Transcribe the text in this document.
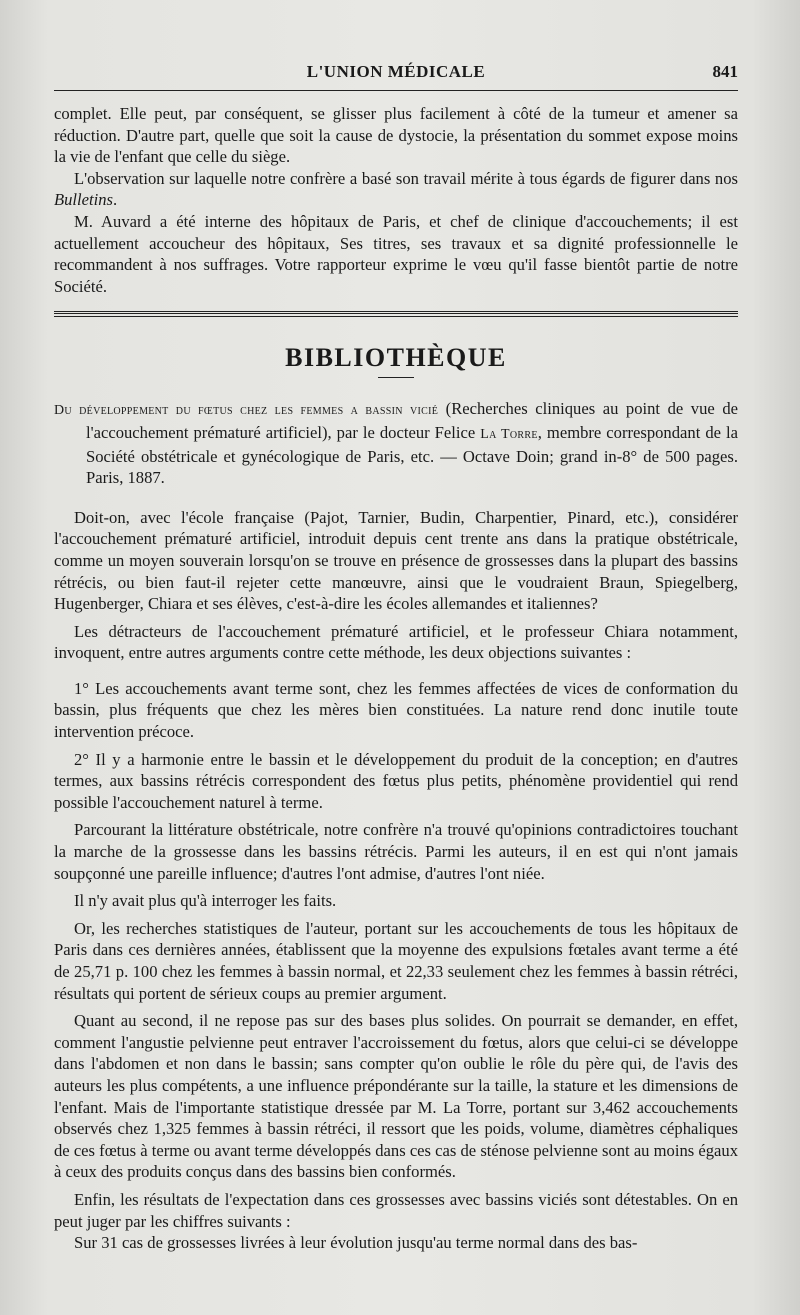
L'UNION MÉDICALE	841

complet. Elle peut, par conséquent, se glisser plus facilement à côté de la tumeur et amener sa réduction. D'autre part, quelle que soit la cause de dystocie, la présentation du sommet expose moins la vie de l'enfant que celle du siège.

L'observation sur laquelle notre confrère a basé son travail mérite à tous égards de figurer dans nos Bulletins.

M. Auvard a été interne des hôpitaux de Paris, et chef de clinique d'accouchements; il est actuellement accoucheur des hôpitaux, Ses titres, ses travaux et sa dignité professionnelle le recommandent à nos suffrages. Votre rapporteur exprime le vœu qu'il fasse bientôt partie de notre Société.

BIBLIOTHÈQUE
Du développement du fœtus chez les femmes a bassin vicié (Recherches cliniques au point de vue de l'accouchement prématuré artificiel), par le docteur Felice La Torre, membre correspondant de la Société obstétricale et gynécologique de Paris, etc. — Octave Doin; grand in-8° de 500 pages. Paris, 1887.

Doit-on, avec l'école française (Pajot, Tarnier, Budin, Charpentier, Pinard, etc.), considérer l'accouchement prématuré artificiel, introduit depuis cent trente ans dans la pratique obstétricale, comme un moyen souverain lorsqu'on se trouve en présence de grossesses dans la plupart des bassins rétrécis, ou bien faut-il rejeter cette manœuvre, ainsi que le voudraient Braun, Spiegelberg, Hugenberger, Chiara et ses élèves, c'est-à-dire les écoles allemandes et italiennes?

Les détracteurs de l'accouchement prématuré artificiel, et le professeur Chiara notamment, invoquent, entre autres arguments contre cette méthode, les deux objections suivantes :

1° Les accouchements avant terme sont, chez les femmes affectées de vices de conformation du bassin, plus fréquents que chez les mères bien constituées. La nature rend donc inutile toute intervention précoce.

2° Il y a harmonie entre le bassin et le développement du produit de la conception; en d'autres termes, aux bassins rétrécis correspondent des fœtus plus petits, phénomène providentiel qui rend possible l'accouchement naturel à terme.

Parcourant la littérature obstétricale, notre confrère n'a trouvé qu'opinions contradictoires touchant la marche de la grossesse dans les bassins rétrécis. Parmi les auteurs, il en est qui n'ont jamais soupçonné une pareille influence; d'autres l'ont admise, d'autres l'ont niée.

Il n'y avait plus qu'à interroger les faits.

Or, les recherches statistiques de l'auteur, portant sur les accouchements de tous les hôpitaux de Paris dans ces dernières années, établissent que la moyenne des expulsions fœtales avant terme a été de 25,71 p. 100 chez les femmes à bassin normal, et 22,33 seulement chez les femmes à bassin rétréci, résultats qui portent de sérieux coups au premier argument.

Quant au second, il ne repose pas sur des bases plus solides. On pourrait se demander, en effet, comment l'angustie pelvienne peut entraver l'accroissement du fœtus, alors que celui-ci se développe dans l'abdomen et non dans le bassin; sans compter qu'on oublie le rôle du père qui, de l'avis des auteurs les plus compétents, a une influence prépondérante sur la taille, la stature et les dimensions de l'enfant. Mais de l'importante statistique dressée par M. La Torre, portant sur 3,462 accouchements observés chez 1,325 femmes à bassin rétréci, il ressort que les poids, volume, diamètres céphaliques de ces fœtus à terme ou avant terme développés dans ces cas de sténose pelvienne sont au moins égaux à ceux des produits conçus dans des bassins bien conformés.

Enfin, les résultats de l'expectation dans ces grossesses avec bassins viciés sont détestables. On en peut juger par les chiffres suivants :

Sur 31 cas de grossesses livrées à leur évolution jusqu'au terme normal dans des bas-
